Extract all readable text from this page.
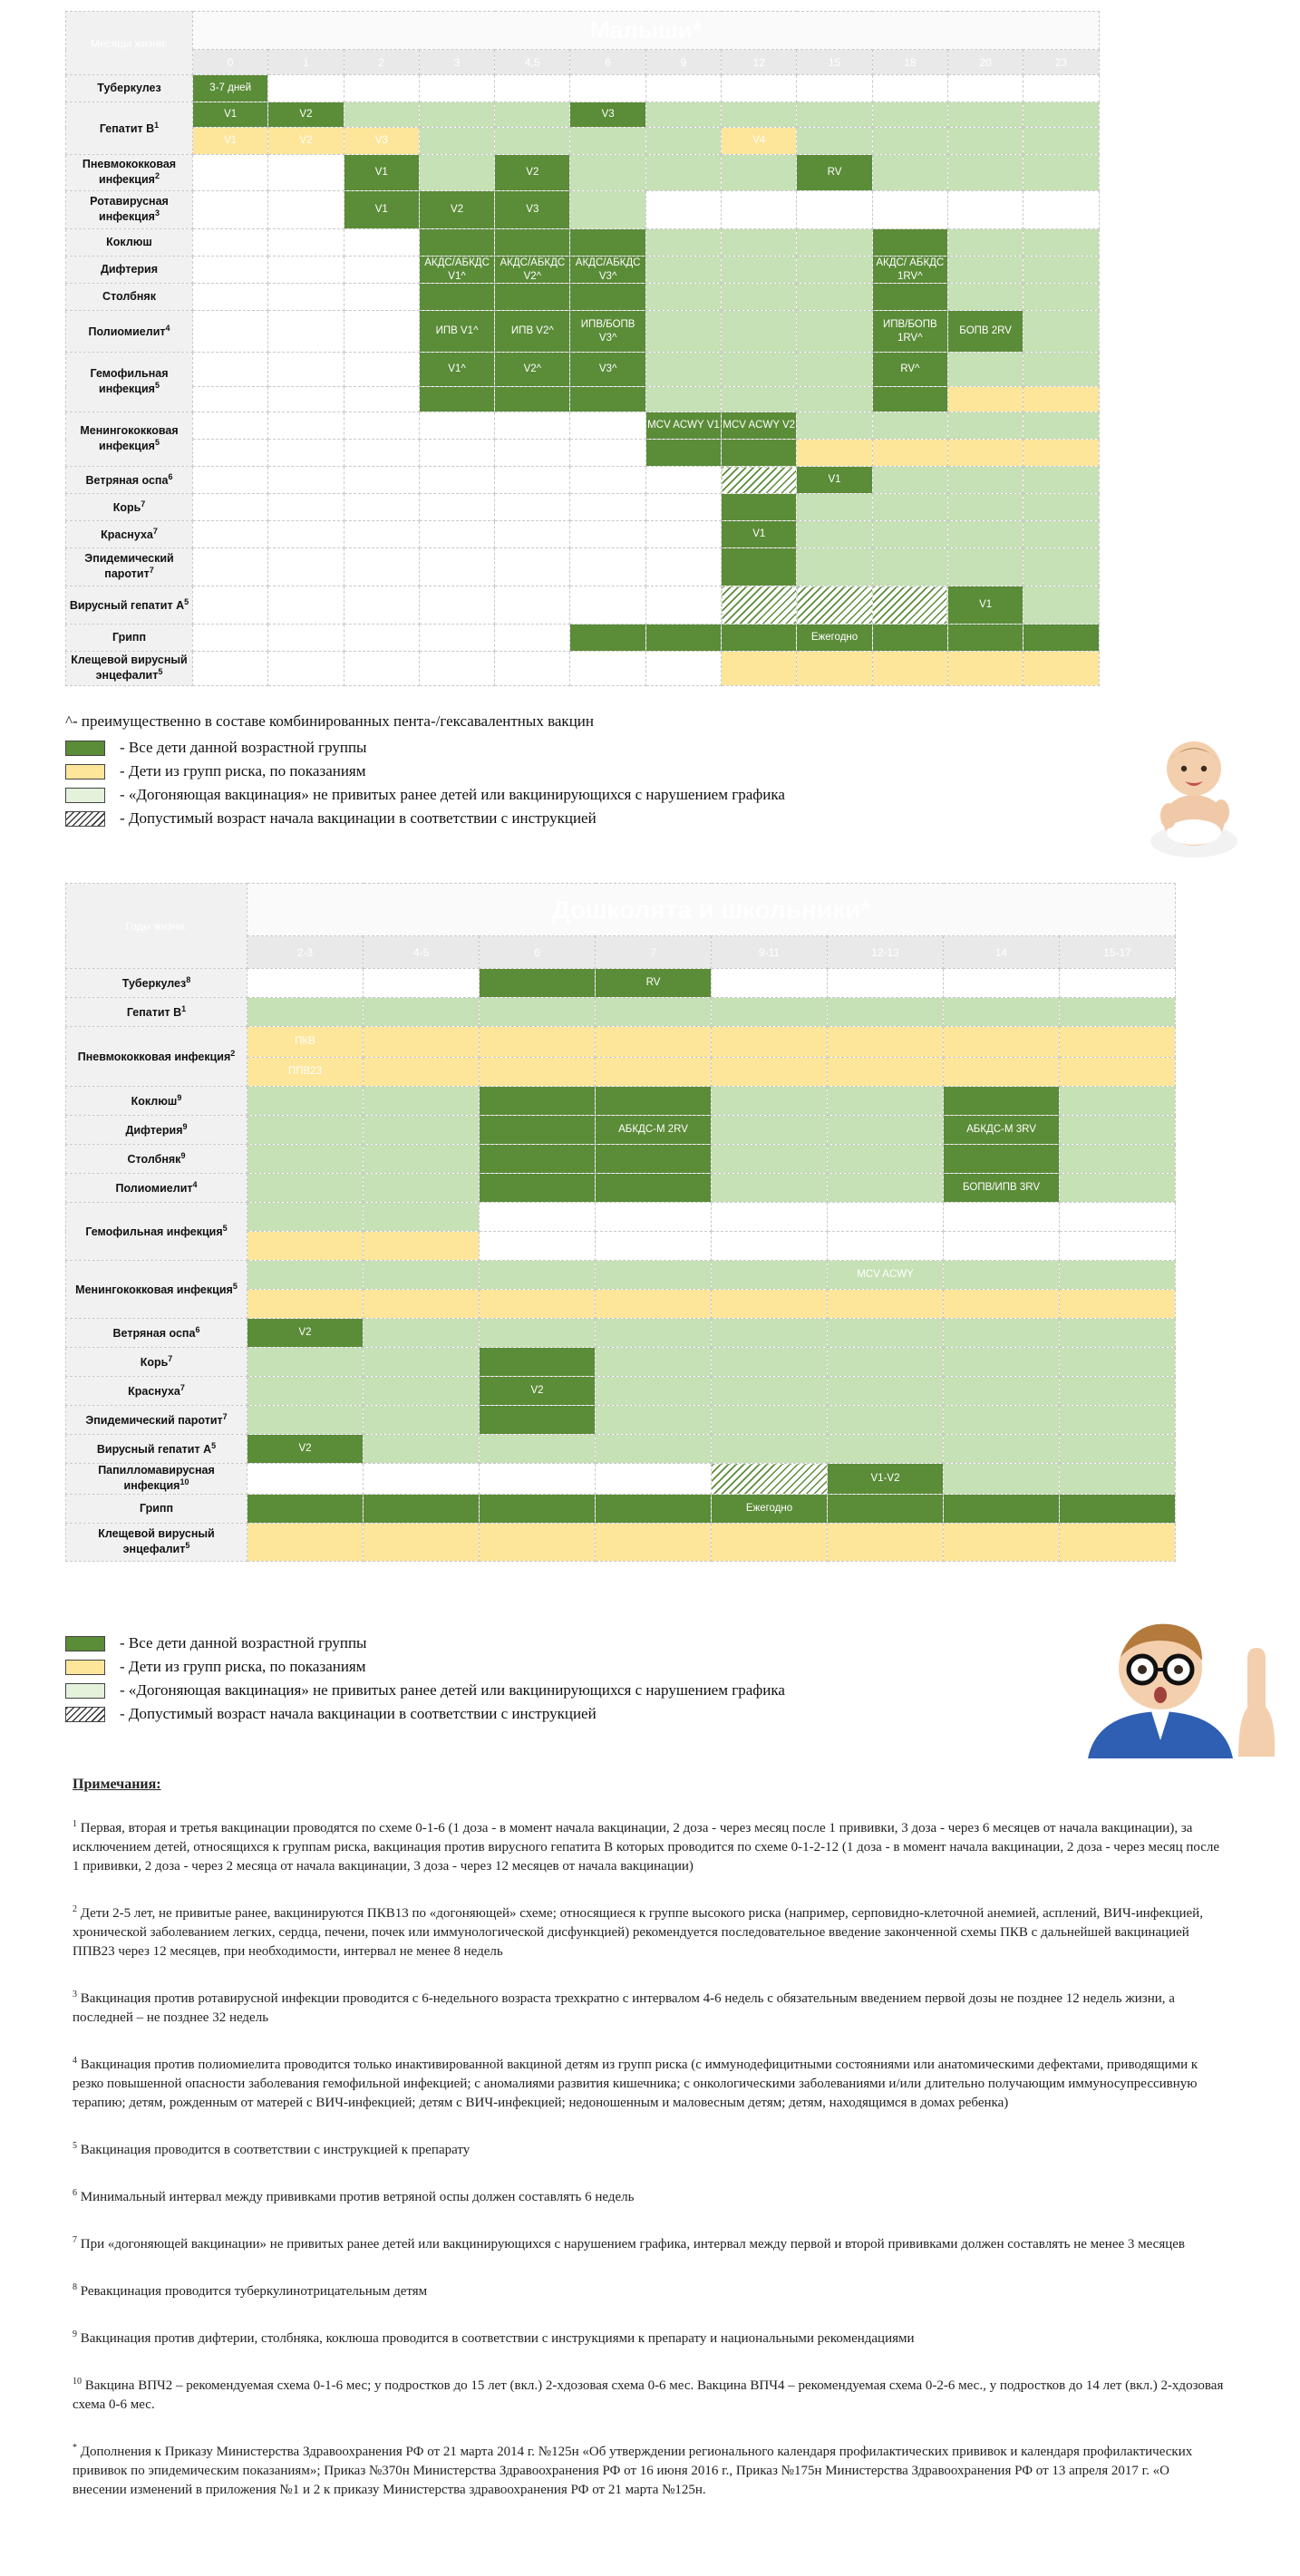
Месяцы жизни:	Малыши*											
	0	1	2	3	4,5	6	9	12	15	18	20	23
Туберкулез	3-7 дней											
Гепатит $В^1$	V1	V2				V3						
	V1	V2	V3					V4				
Пневмококковая инфекция$^2$			V1		V2				RV			
Ротавирусная инфекция$^3$			V1	V2	V3							
Коклюш												
Дифтерия				АКДС/АБКДС V1^	АКДС/АБКДС V2^	АКДС/АБКДС V3^				АКДС/ АБКДС 1RV^		
Столбняк												
Полиомиелит$^4$				ИПВ V1^	ИПВ V2^	ИПВ/БОПВ V3^				ИПВ/БОПВ 1RV^	БОПВ 2RV	
Гемофильная инфекция$^5$				V1^	V2^	V3^				RV^		

Менингококковая инфекция$^5$							MCV ACWY V1	MCV ACWY V2				

Ветряная оспа$^6$									V1			
Корь$^7$												
Краснуха$^7$								V1				
Эпидемический паротит$^7$												
Вирусный гепатит $А^5$											V1	
Грипп									Ежегодно			
Клещевой вирусный энцефалит$^5$												
^- преимущественно в составе комбинированных пента-/гексавалентных вакцин
- Все дети данной возрастной группы
- Дети из групп риска, по показаниям
- «Догоняющая вакцинация» не привитых ранее детей или вакцинирующихся с нарушением графика
- Допустимый возраст начала вакцинации в соответствии с инструкцией
Годы жизни:	Дошколята и школьники*							
	2-3	4-5	6	7	9-11	12-13	14	15-17
Туберкулез$^8$				RV				
Гепатит $В^1$								
Пневмококковая инфекция$^2$	ПКВ							
	ППВ23							
Коклюш$^9$								
Дифтерия$^9$				АБКДС-М 2RV			АБКДС-М 3RV	
Столбняк$^9$								
Полиомиелит$^4$							БОПВ/ИПВ 3RV	
Гемофильная инфекция$^5$								

Менингококковая инфекция$^5$						MCV ACWY		

Ветряная оспа$^6$	V2							
Корь$^7$								
Краснуха$^7$			V2					
Эпидемический паротит$^7$								
Вирусный гепатит $А^5$	V2							
Папилломавирусная инфекция$^{10}$						V1-V2		
Грипп					Ежегодно			
Клещевой вирусный энцефалит$^5$								
- Все дети данной возрастной группы
- Дети из групп риска, по показаниям
- «Догоняющая вакцинация» не привитых ранее детей или вакцинирующихся с нарушением графика
- Допустимый возраст начала вакцинации в соответствии с инструкцией
Примечания:

$^1$ Первая, вторая и третья вакцинации проводятся по схеме 0-1-6 (1 доза - в момент начала вакцинации, 2 доза - через месяц после 1 прививки, 3 доза - через 6 месяцев от начала вакцинации), за исключением детей, относящихся к группам риска, вакцинация против вирусного гепатита В которых проводится по схеме 0-1-2-12 (1 доза - в момент начала вакцинации, 2 доза - через месяц после 1 прививки, 2 доза - через 2 месяца от начала вакцинации, 3 доза - через 12 месяцев от начала вакцинации)

$^2$ Дети 2-5 лет, не привитые ранее, вакцинируются ПКВ13 по «догоняющей» схеме; относящиеся к группе высокого риска (например, серповидно-клеточной анемией, асплений, ВИЧ-инфекцией, хронической заболеванием легких, сердца, печени, почек или иммунологической дисфункцией) рекомендуется последовательное введение законченной схемы ПКВ с дальнейшей вакцинацией ППВ23 через 12 месяцев, при необходимости, интервал не менее 8 недель

$^3$ Вакцинация против ротавирусной инфекции проводится с 6-недельного возраста трехкратно с интервалом 4-6 недель с обязательным введением первой дозы не позднее 12 недель жизни, а последней – не позднее 32 недель

$^4$ Вакцинация против полиомиелита проводится только инактивированной вакциной детям из групп риска (с иммунодефицитными состояниями или анатомическими дефектами, приводящими к резко повышенной опасности заболевания гемофильной инфекцией; с аномалиями развития кишечника; с онкологическими заболеваниями и/или длительно получающим иммуносупрессивную терапию; детям, рожденным от матерей с ВИЧ-инфекцией; детям с ВИЧ-инфекцией; недоношенным и маловесным детям; детям, находящимся в домах ребенка)

$^5$ Вакцинация проводится в соответствии с инструкцией к препарату

$^6$ Минимальный интервал между прививками против ветряной оспы должен составлять 6 недель

$^7$ При «догоняющей вакцинации» не привитых ранее детей или вакцинирующихся с нарушением графика, интервал между первой и второй прививками должен составлять не менее 3 месяцев

$^8$ Ревакцинация проводится туберкулинотрицательным детям

$^9$ Вакцинация против дифтерии, столбняка, коклюша проводится в соответствии с инструкциями к препарату и национальными рекомендациями

$^{10}$ Вакцина ВПЧ2 – рекомендуемая схема 0-1-6 мес; у подростков до 15 лет (вкл.) 2-хдозовая схема 0-6 мес. Вакцина ВПЧ4 – рекомендуемая схема 0-2-6 мес., у подростков до 14 лет (вкл.) 2-хдозовая схема 0-6 мес.

* Дополнения к Приказу Министерства Здравоохранения РФ от 21 марта 2014 г. №125н «Об утверждении регионального календаря профилактических прививок и календаря профилактических прививок по эпидемическим показаниям»; Приказ №370н Министерства Здравоохранения РФ от 16 июня 2016 г., Приказ №175н Министерства Здравоохранения РФ от 13 апреля 2017 г. «О внесении изменений в приложения №1 и 2 к приказу Министерства здравоохранения РФ от 21 марта №125н.
